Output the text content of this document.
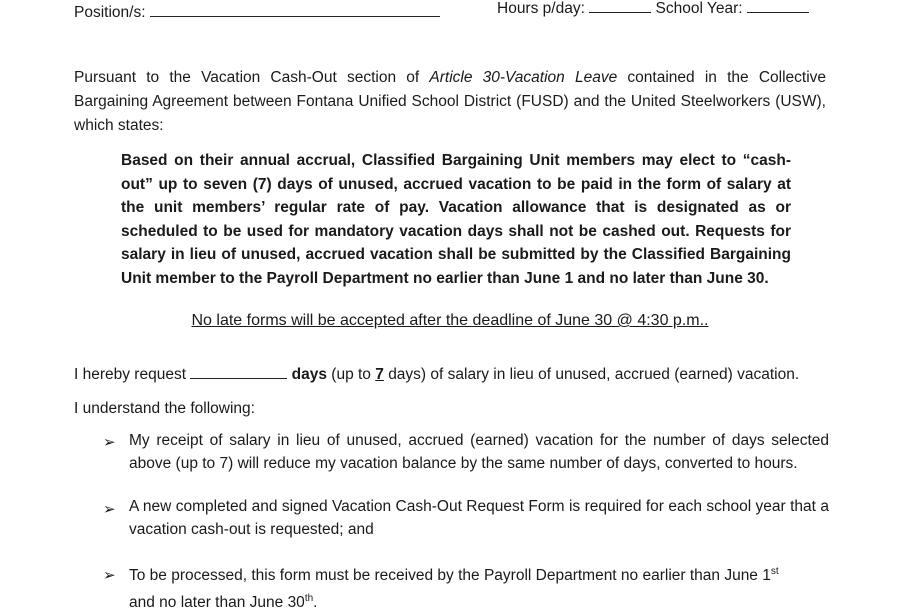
Position/s:	Hours p/day:	School Year:
Pursuant to the Vacation Cash-Out section of Article 30-Vacation Leave contained in the Collective Bargaining Agreement between Fontana Unified School District (FUSD) and the United Steelworkers (USW), which states:
Based on their annual accrual, Classified Bargaining Unit members may elect to “cash-out” up to seven (7) days of unused, accrued vacation to be paid in the form of salary at the unit members’ regular rate of pay. Vacation allowance that is designated as or scheduled to be used for mandatory vacation days shall not be cashed out. Requests for salary in lieu of unused, accrued vacation shall be submitted by the Classified Bargaining Unit member to the Payroll Department no earlier than June 1 and no later than June 30.
No late forms will be accepted after the deadline of June 30 @ 4:30 p.m..
I hereby request	days (up to 7 days) of salary in lieu of unused, accrued (earned) vacation.
I understand the following:
➢ My receipt of salary in lieu of unused, accrued (earned) vacation for the number of days selected above (up to 7) will reduce my vacation balance by the same number of days, converted to hours.
➢ A new completed and signed Vacation Cash-Out Request Form is required for each school year that a vacation cash-out is requested; and
➢ To be processed, this form must be received by the Payroll Department no earlier than June 1st
and no later than June 30th.
